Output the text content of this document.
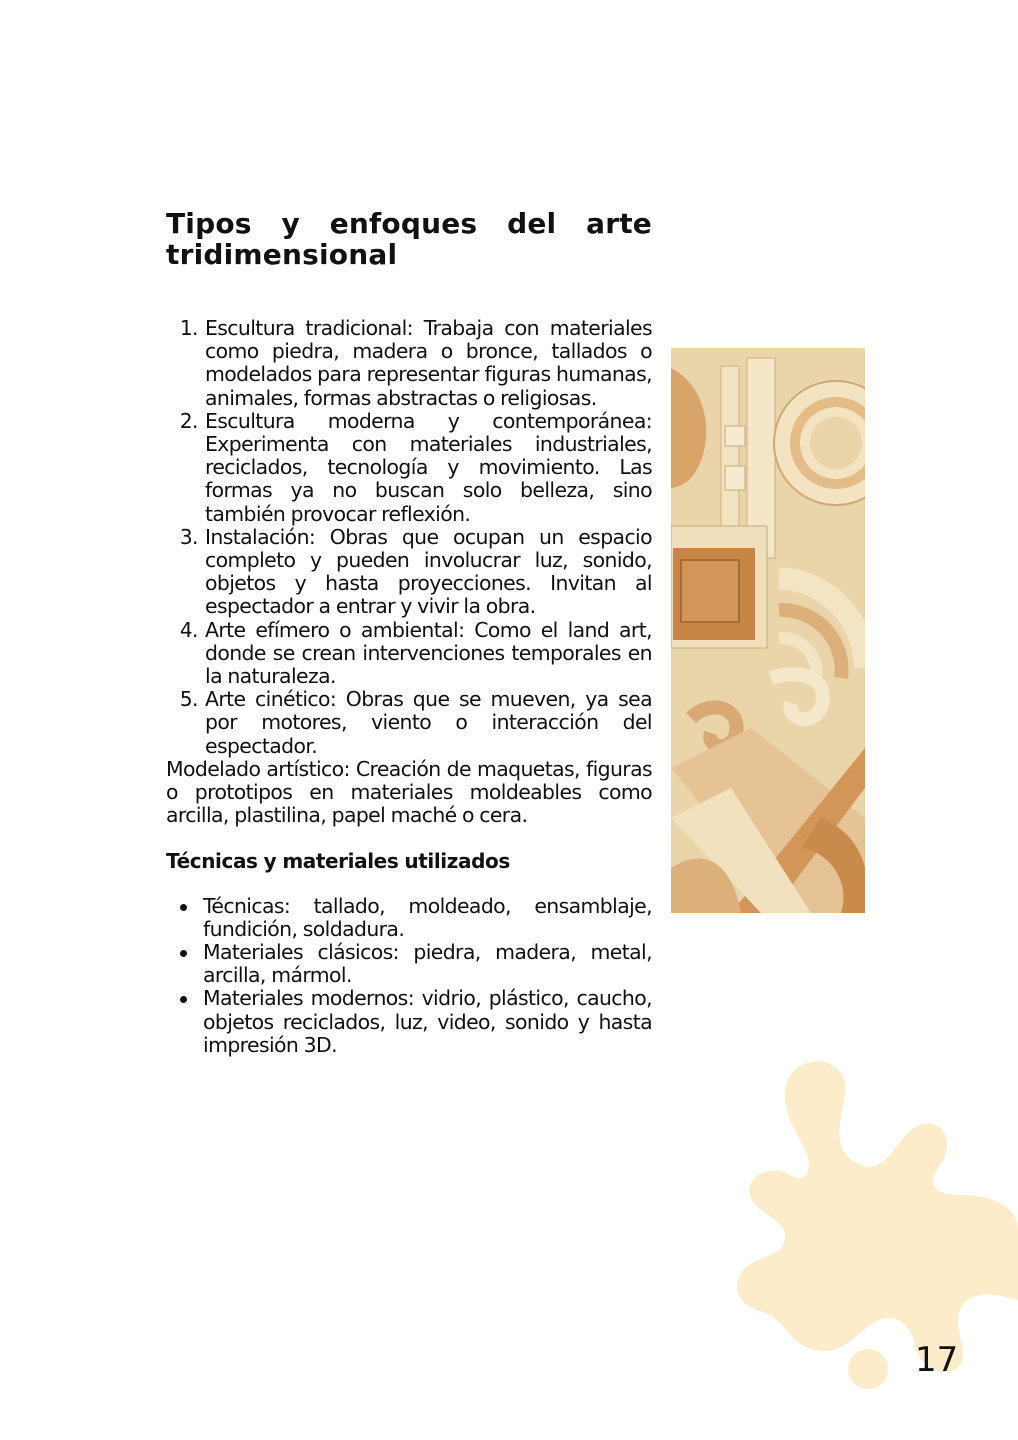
Tipos y enfoques del arte tridimensional
1. Escultura tradicional: Trabaja con materiales como piedra, madera o bronce, tallados o modelados para representar figuras humanas, animales, formas abstractas o religiosas.
2. Escultura moderna y contemporánea: Experimenta con materiales industriales, reciclados, tecnología y movimiento. Las formas ya no buscan solo belleza, sino también provocar reflexión.
3. Instalación: Obras que ocupan un espacio completo y pueden involucrar luz, sonido, objetos y hasta proyecciones. Invitan al espectador a entrar y vivir la obra.
4. Arte efímero o ambiental: Como el land art, donde se crean intervenciones temporales en la naturaleza.
5. Arte cinético: Obras que se mueven, ya sea por motores, viento o interacción del espectador.

Modelado artístico: Creación de maquetas, figuras o prototipos en materiales moldeables como arcilla, plastilina, papel maché o cera.

Técnicas y materiales utilizados
Técnicas: tallado, moldeado, ensamblaje, fundición, soldadura.
Materiales clásicos: piedra, madera, metal, arcilla, mármol.
Materiales modernos: vidrio, plástico, caucho, objetos reciclados, luz, video, sonido y hasta impresión 3D.
17
